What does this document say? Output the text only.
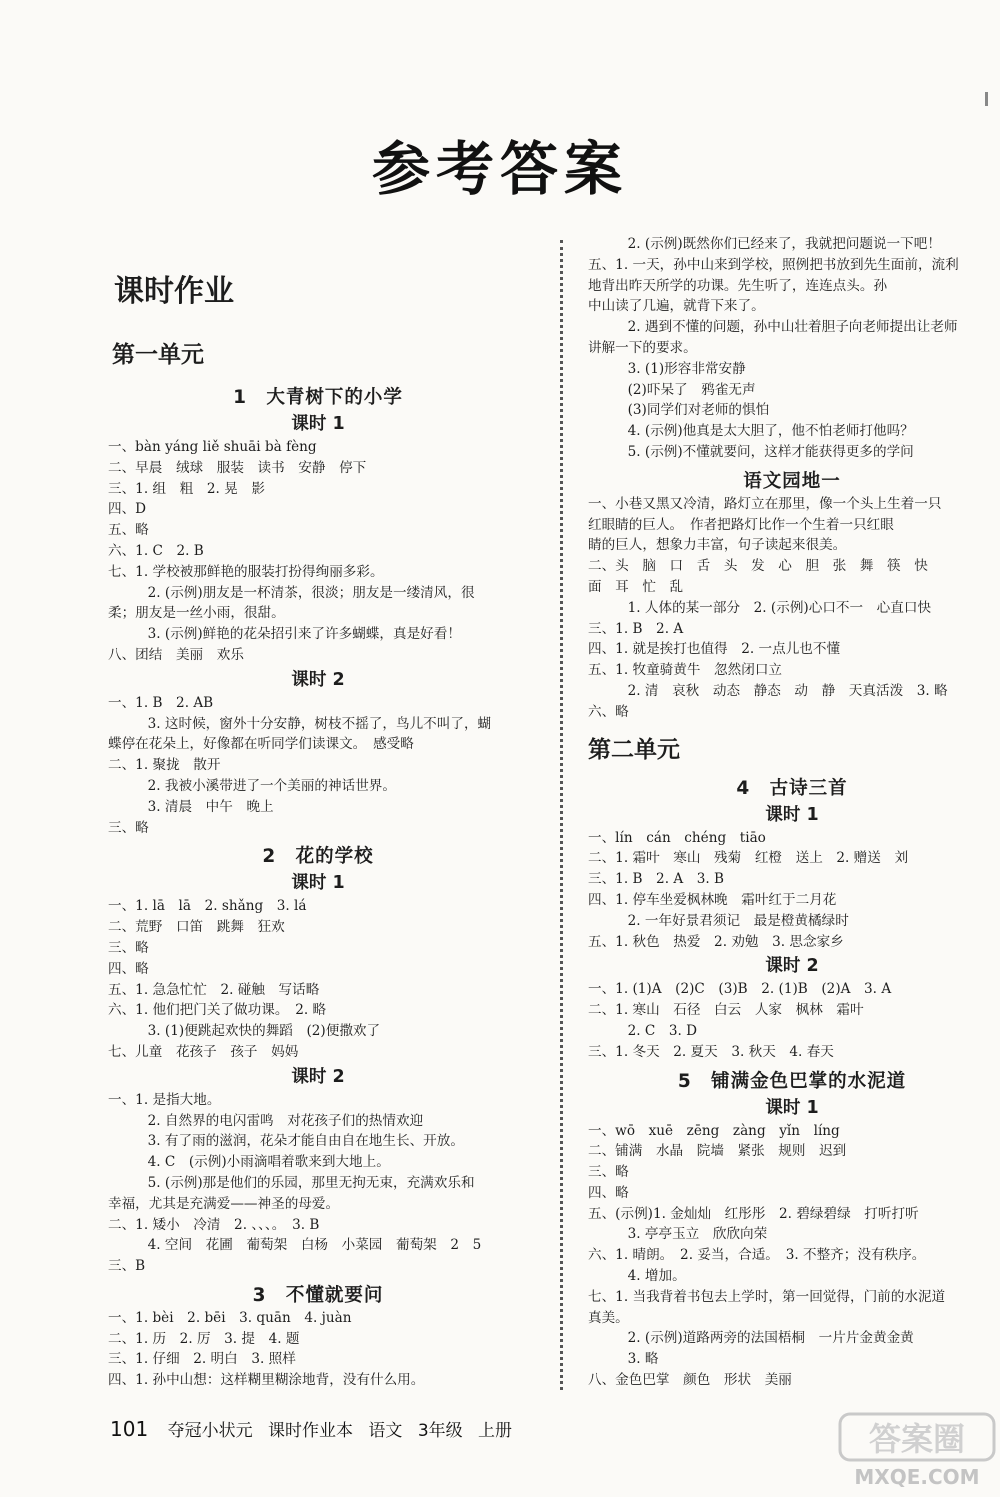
参考答案
课时作业
第一单元
1　大青树下的小学
课时 1
一、bàn yáng liě shuāi bà fèng
二、早晨　绒球　服装　读书　安静　停下
三、1. 组　粗　2. 晃　影
四、D
五、略
六、1. C　2. B
七、1. 学校被那鲜艳的服装打扮得绚丽多彩。
　2. (示例)朋友是一杯清茶，很淡；朋友是一缕清风，很
柔；朋友是一丝小雨，很甜。
　3. (示例)鲜艳的花朵招引来了许多蝴蝶，真是好看！
八、团结　美丽　欢乐
课时 2
一、1. B　2. AB
　3. 这时候，窗外十分安静，树枝不摇了，鸟儿不叫了，蝴
蝶停在花朵上，好像都在听同学们读课文。　感受略
二、1. 聚拢　散开
　2. 我被小溪带进了一个美丽的神话世界。
　3. 清晨　中午　晚上
三、略
2　花的学校
课时 1
一、1. lā　lā　2. shǎng　3. lá
二、荒野　口笛　跳舞　狂欢
三、略
四、略
五、1. 急急忙忙　2. 碰触　写话略
六、1. 他们把门关了做功课。　2. 略
　3. (1)便跳起欢快的舞蹈　(2)便撒欢了
七、儿童　花孩子　孩子　妈妈
课时 2
一、1. 是指大地。
　2. 自然界的电闪雷鸣　对花孩子们的热情欢迎
　3. 有了雨的滋润，花朵才能自由自在地生长、开放。
　4. C　(示例)小雨滴唱着歌来到大地上。
　5. (示例)那是他们的乐园，那里无拘无束，充满欢乐和
幸福，尤其是充满爱——神圣的母爱。
二、1. 矮小　冷清　2. 、、、。　3. B
　4. 空间　花圃　葡萄架　白杨　小菜园　葡萄架　2　5
三、B
3　不懂就要问
一、1. bèi　2. bēi　3. quān　4. juàn
二、1. 历　2. 厉　3. 提　4. 题
三、1. 仔细　2. 明白　3. 照样
四、1. 孙中山想：这样糊里糊涂地背，没有什么用。
　2. (示例)既然你们已经来了，我就把问题说一下吧！
五、1. 一天，孙中山来到学校，照例把书放到先生面前，流利
地背出昨天所学的功课。先生听了，连连点头。孙
中山读了几遍，就背下来了。
　2. 遇到不懂的问题，孙中山壮着胆子向老师提出让老师
讲解一下的要求。
　3. (1)形容非常安静
　(2)吓呆了　鸦雀无声
　(3)同学们对老师的惧怕
　4. (示例)他真是太大胆了，他不怕老师打他吗？
　5. (示例)不懂就要问，这样才能获得更多的学问
语文园地一
一、小巷又黑又冷清，路灯立在那里，像一个头上生着一只
红眼睛的巨人。　作者把路灯比作一个生着一只红眼
睛的巨人，想象力丰富，句子读起来很美。
二、头　脑　口　舌　头　发　心　胆　张　舞　筷　快
面　耳　忙　乱
　1. 人体的某一部分　2. (示例)心口不一　心直口快
三、1. B　2. A
四、1. 就是挨打也值得　2. 一点儿也不懂
五、1. 牧童骑黄牛　忽然闭口立
　2. 清　哀秋　动态　静态　动　静　天真活泼　3. 略
六、略
第二单元
4　古诗三首
课时 1
一、lín　cán　chéng　tiāo
二、1. 霜叶　寒山　残菊　红橙　送上　2. 赠送　刘
三、1. B　2. A　3. B
四、1. 停车坐爱枫林晚　霜叶红于二月花
　2. 一年好景君须记　最是橙黄橘绿时
五、1. 秋色　热爱　2. 劝勉　3. 思念家乡
课时 2
一、1. (1)A　(2)C　(3)B　2. (1)B　(2)A　3. A
二、1. 寒山　石径　白云　人家　枫林　霜叶
　2. C　3. D
三、1. 冬天　2. 夏天　3. 秋天　4. 春天
5　铺满金色巴掌的水泥道
课时 1
一、wō　xuē　zēng　zàng　yǐn　líng
二、铺满　水晶　院墙　紧张　规则　迟到
三、略
四、略
五、(示例)1. 金灿灿　红彤彤　2. 碧绿碧绿　打听打听
　3. 亭亭玉立　欣欣向荣
六、1. 晴朗。　2. 妥当，合适。　3. 不整齐；没有秩序。
　4. 增加。
七、1. 当我背着书包去上学时，第一回觉得，门前的水泥道
真美。
　2. (示例)道路两旁的法国梧桐　一片片金黄金黄
　3. 略
八、金色巴掌　颜色　形状　美丽
101 夺冠小状元 课时作业本 语文 3年级 上册	答案圈
MXQE.COM
